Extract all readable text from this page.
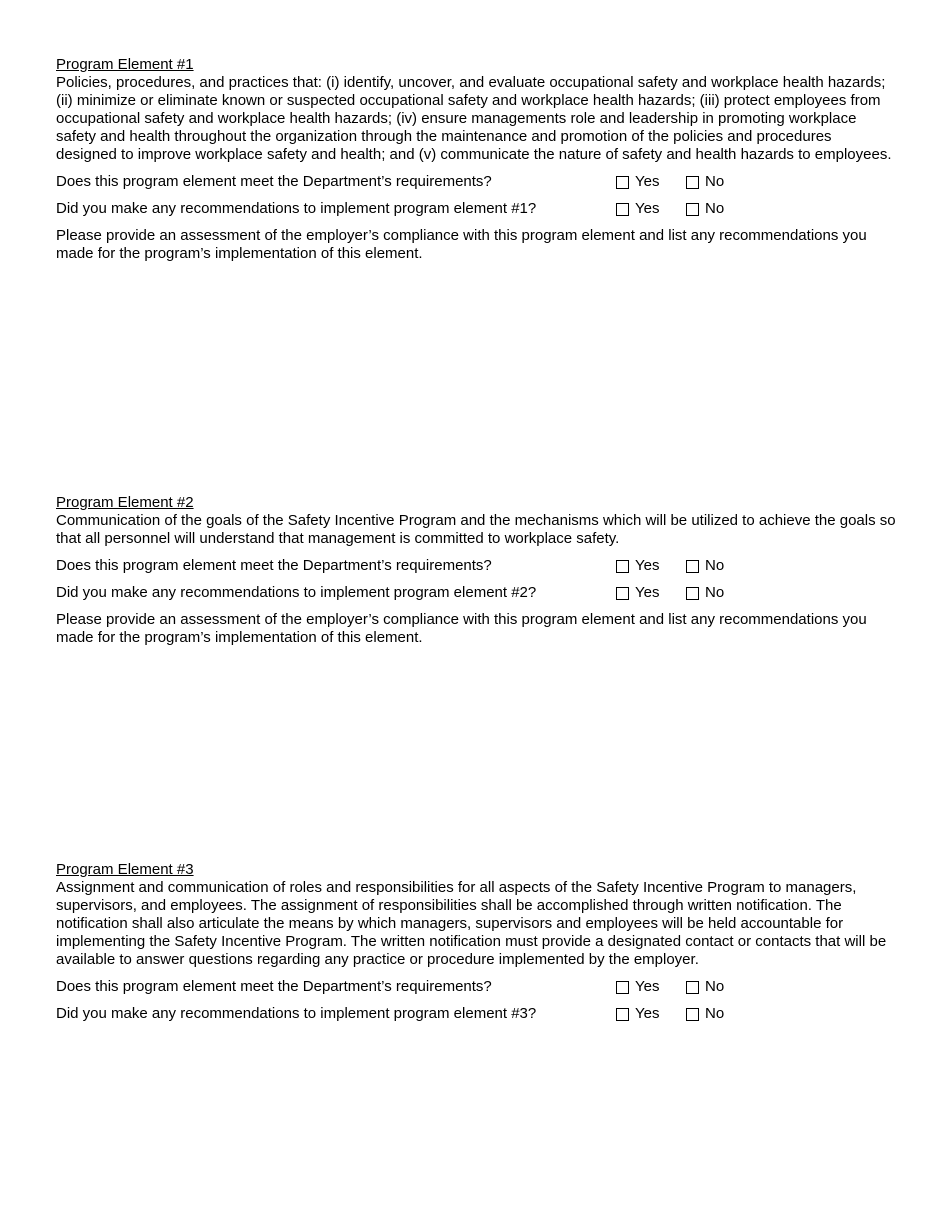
Program Element #1

Policies, procedures, and practices that: (i) identify, uncover, and evaluate occupational safety and workplace health hazards; (ii) minimize or eliminate known or suspected occupational safety and workplace health hazards; (iii) protect employees from occupational safety and workplace health hazards; (iv) ensure managements role and leadership in promoting workplace safety and health throughout the organization through the maintenance and promotion of the policies and procedures designed to improve workplace safety and health; and (v) communicate the nature of safety and health hazards to employees.

Does this program element meet the Department’s requirements?	Yes	No
Did you make any recommendations to implement program element #1?	Yes	No

Please provide an assessment of the employer’s compliance with this program element and list any recommendations you made for the program’s implementation of this element.

Program Element #2

Communication of the goals of the Safety Incentive Program and the mechanisms which will be utilized to achieve the goals so that all personnel will understand that management is committed to workplace safety.

Does this program element meet the Department’s requirements?	Yes	No
Did you make any recommendations to implement program element #2?	Yes	No

Please provide an assessment of the employer’s compliance with this program element and list any recommendations you made for the program’s implementation of this element.

Program Element #3

Assignment and communication of roles and responsibilities for all aspects of the Safety Incentive Program to managers, supervisors, and employees. The assignment of responsibilities shall be accomplished through written notification. The notification shall also articulate the means by which managers, supervisors and employees will be held accountable for implementing the Safety Incentive Program. The written notification must provide a designated contact or contacts that will be available to answer questions regarding any practice or procedure implemented by the employer.

Does this program element meet the Department’s requirements?	Yes	No
Did you make any recommendations to implement program element #3?	Yes	No
